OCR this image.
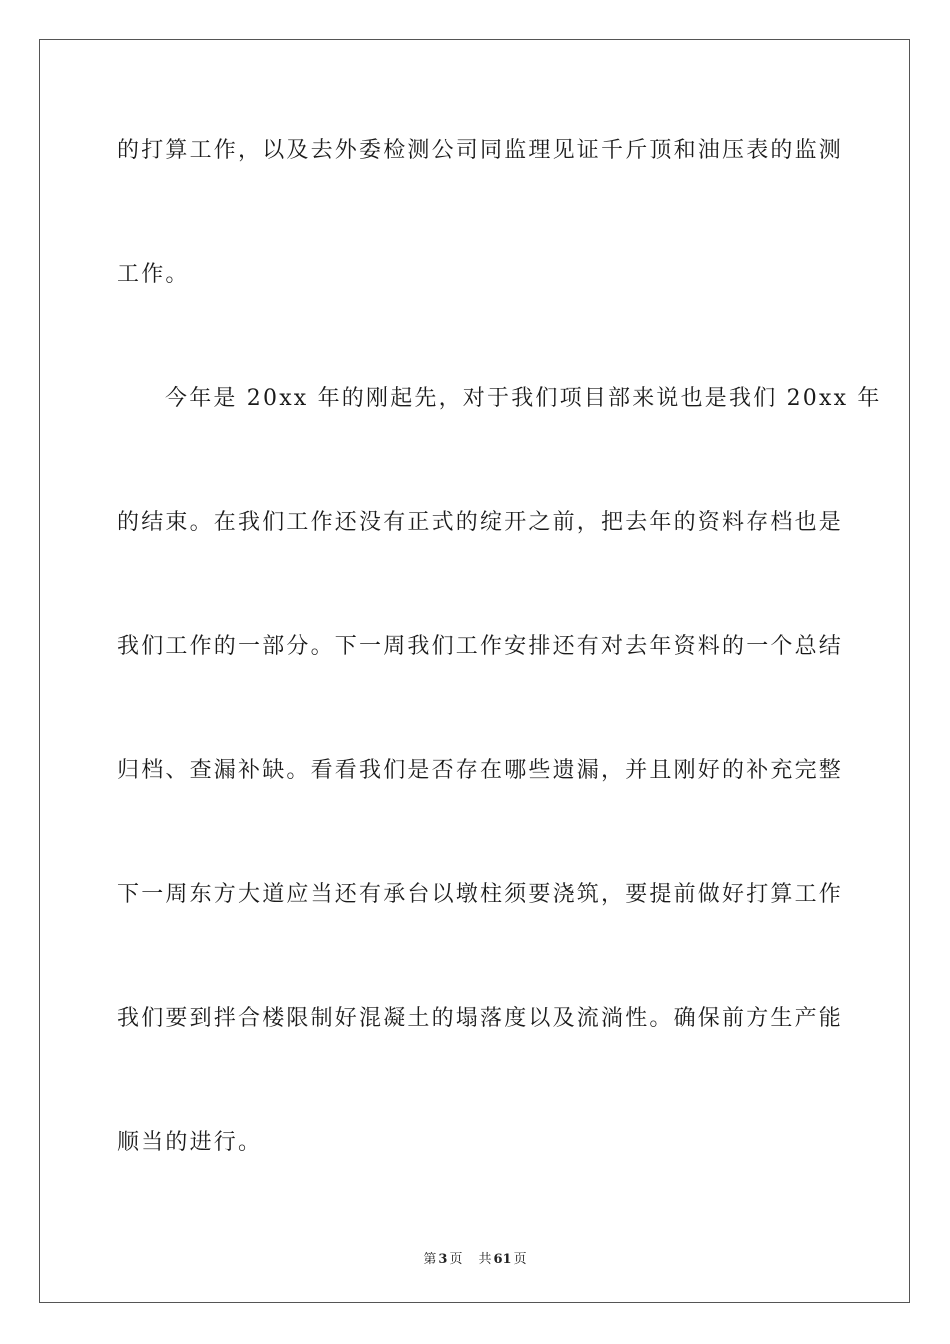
的打算工作，以及去外委检测公司同监理见证千斤顶和油压表的监测
工作。
今年是 20xx 年的刚起先，对于我们项目部来说也是我们 20xx 年
的结束。在我们工作还没有正式的绽开之前，把去年的资料存档也是
我们工作的一部分。下一周我们工作安排还有对去年资料的一个总结
归档、查漏补缺。看看我们是否存在哪些遗漏，并且刚好的补充完整
下一周东方大道应当还有承台以墩柱须要浇筑，要提前做好打算工作
我们要到拌合楼限制好混凝土的塌落度以及流淌性。确保前方生产能
顺当的进行。
第 3 页 共 61 页
